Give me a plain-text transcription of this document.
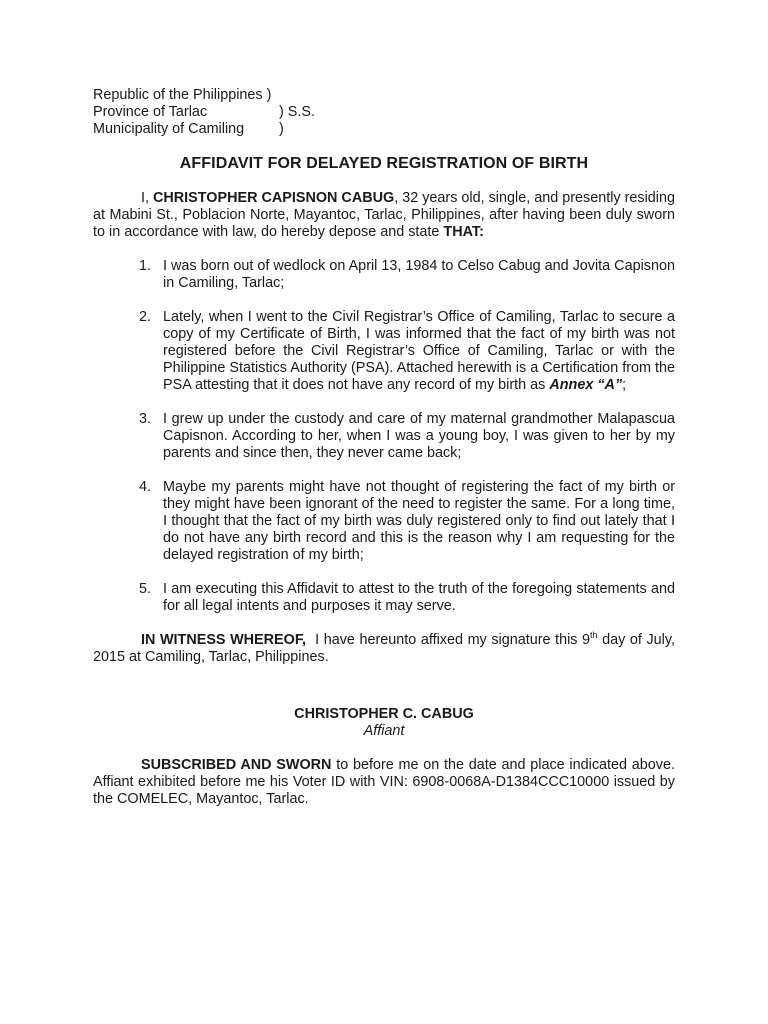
Republic of the Philippines )
Province of Tarlac	) S.S.
Municipality of Camiling )
AFFIDAVIT FOR DELAYED REGISTRATION OF BIRTH

I, CHRISTOPHER CAPISNON CABUG, 32 years old, single, and presently residing at Mabini St., Poblacion Norte, Mayantoc, Tarlac, Philippines, after having been duly sworn to in accordance with law, do hereby depose and state THAT:

1. I was born out of wedlock on April 13, 1984 to Celso Cabug and Jovita Capisnon in Camiling, Tarlac;
2. Lately, when I went to the Civil Registrar’s Office of Camiling, Tarlac to secure a copy of my Certificate of Birth, I was informed that the fact of my birth was not registered before the Civil Registrar’s Office of Camiling, Tarlac or with the Philippine Statistics Authority (PSA). Attached herewith is a Certification from the PSA attesting that it does not have any record of my birth as Annex “A”;
3. I grew up under the custody and care of my maternal grandmother Malapascua Capisnon. According to her, when I was a young boy, I was given to her by my parents and since then, they never came back;
4. Maybe my parents might have not thought of registering the fact of my birth or they might have been ignorant of the need to register the same. For a long time, I thought that the fact of my birth was duly registered only to find out lately that I do not have any birth record and this is the reason why I am requesting for the delayed registration of my birth;
5. I am executing this Affidavit to attest to the truth of the foregoing statements and for all legal intents and purposes it may serve.

IN WITNESS WHEREOF,  I have hereunto affixed my signature this 9th day of July, 2015 at Camiling, Tarlac, Philippines.

CHRISTOPHER C. CABUG
Affiant

SUBSCRIBED AND SWORN to before me on the date and place indicated above. Affiant exhibited before me his Voter ID with VIN: 6908-0068A-D1384CCC10000 issued by the COMELEC, Mayantoc, Tarlac.
